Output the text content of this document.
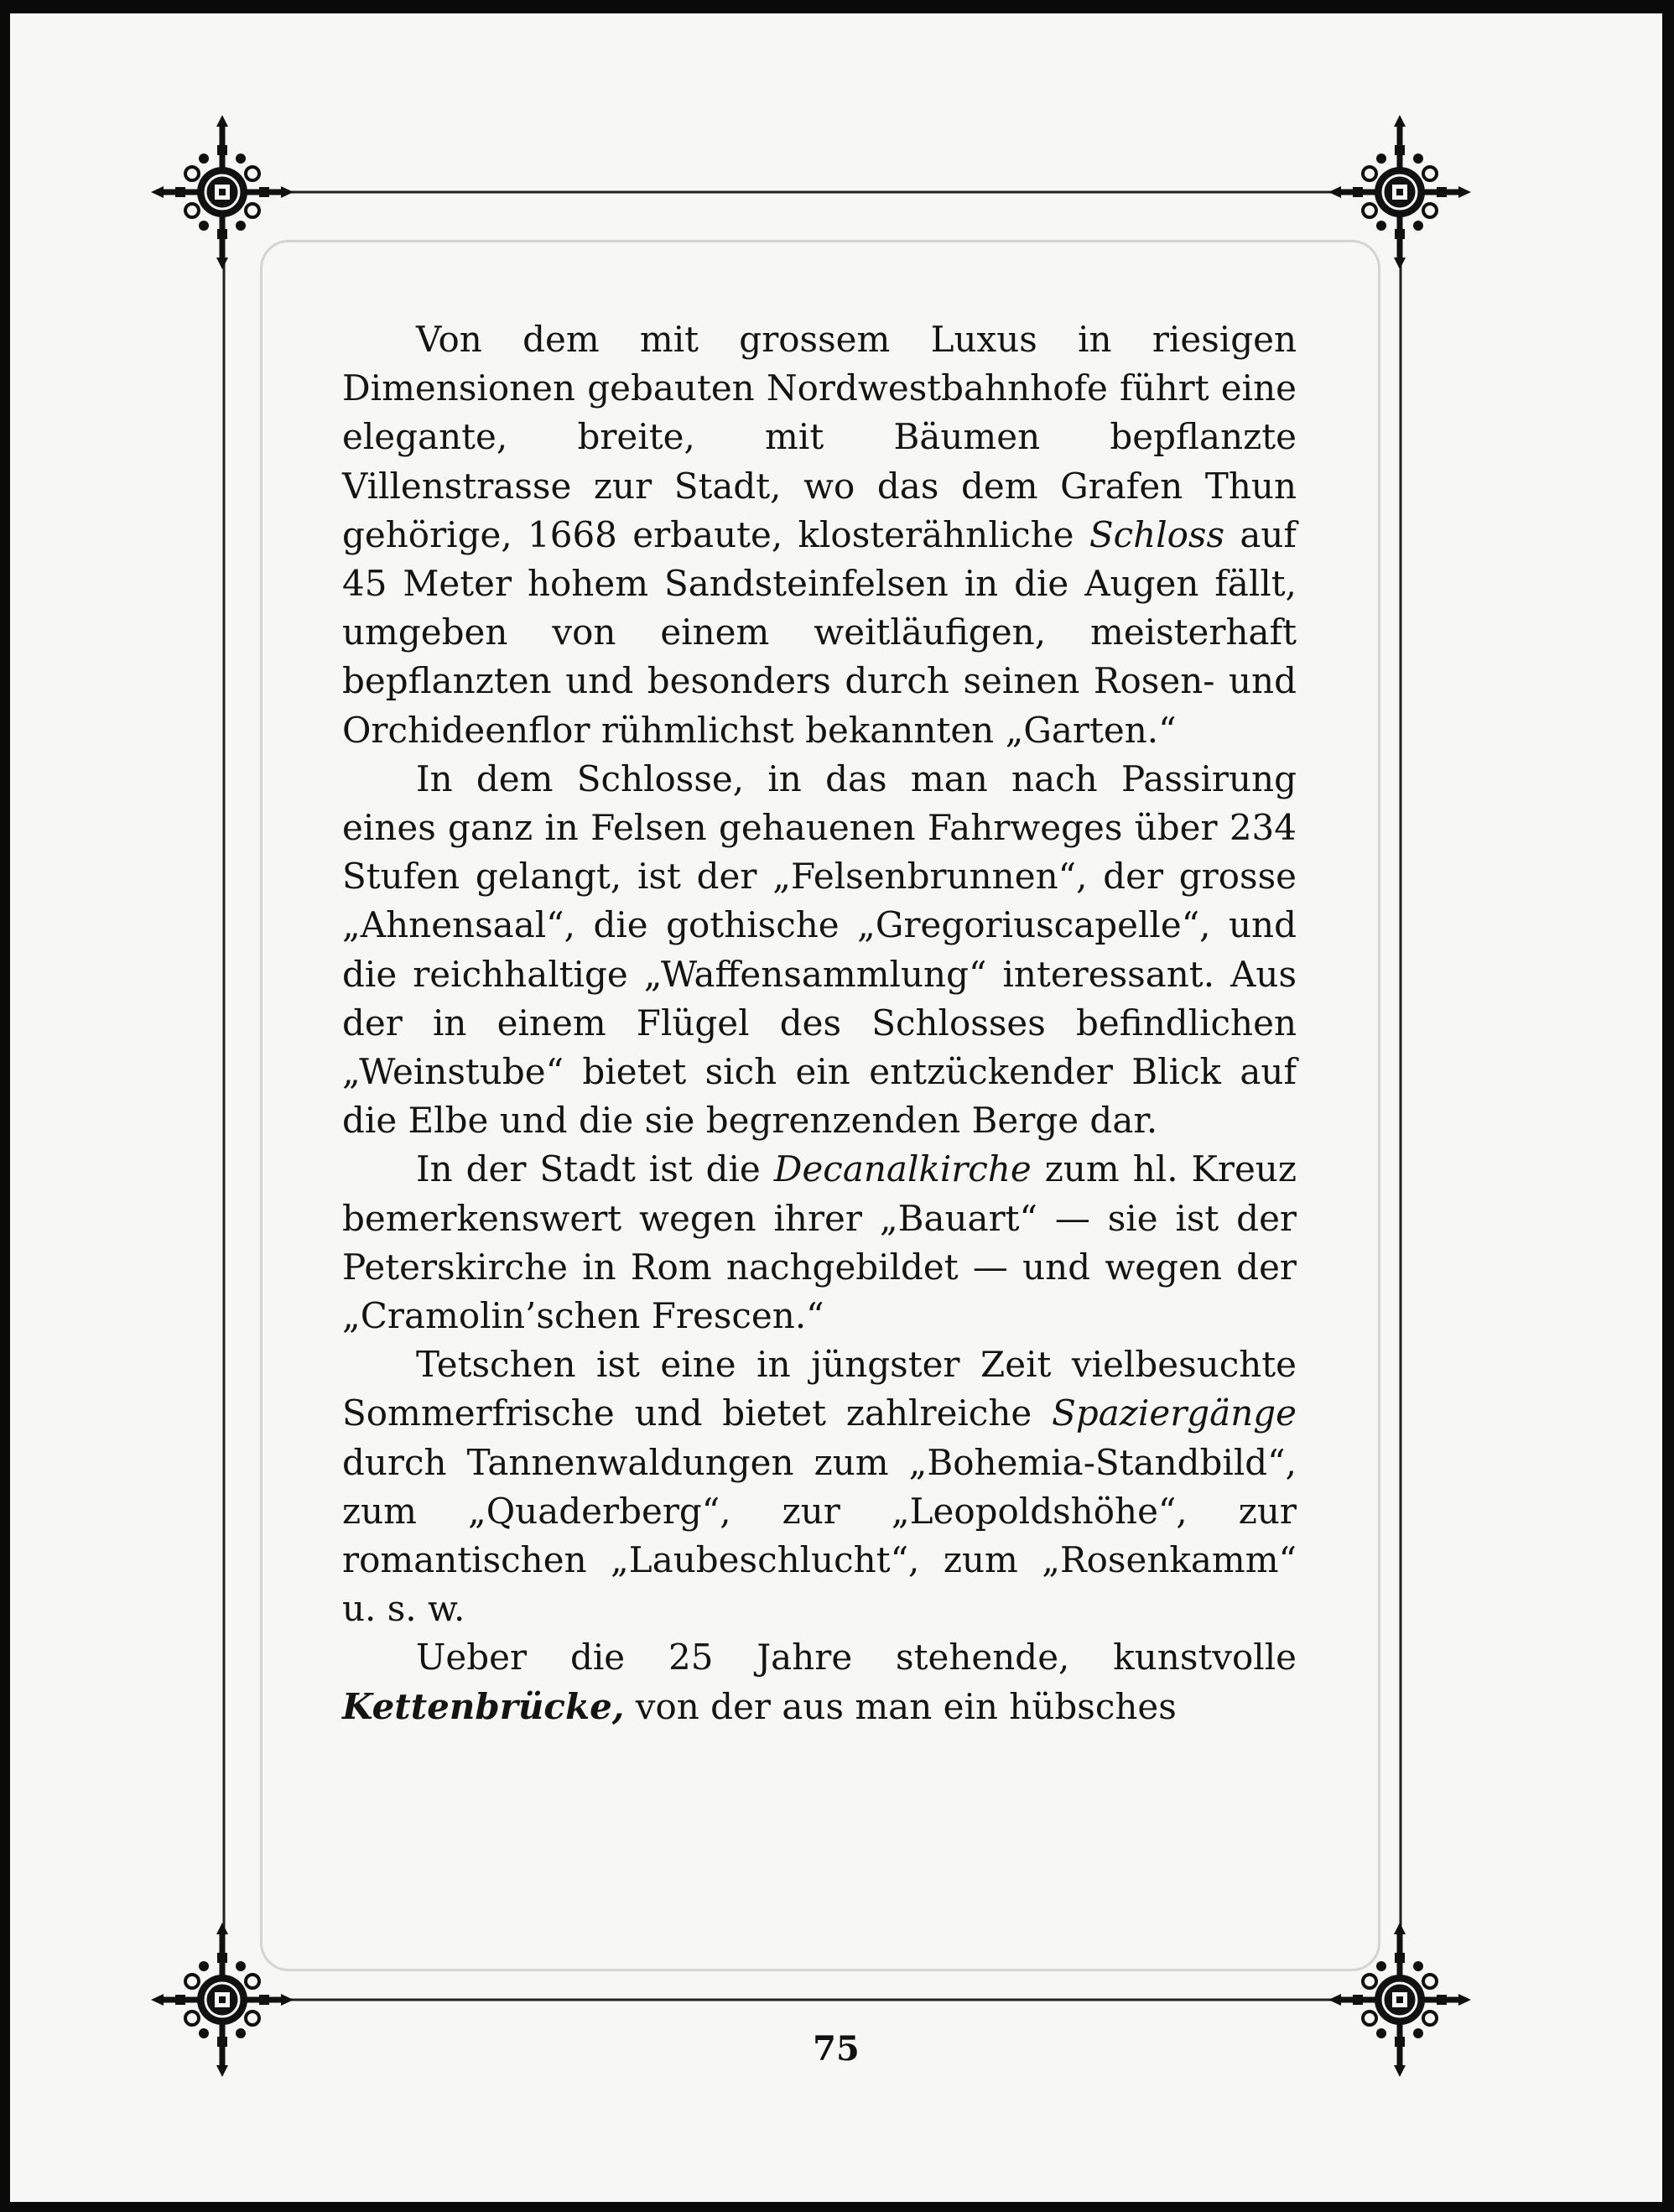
Von dem mit grossem Luxus in riesigen Dimensionen gebauten Nordwestbahnhofe führt eine elegante, breite, mit Bäumen bepflanzte Villenstrasse zur Stadt, wo das dem Grafen Thun gehörige, 1668 erbaute, klosterähnliche Schloss auf 45 Meter hohem Sandsteinfelsen in die Augen fällt, umgeben von einem weitläufigen, meisterhaft bepflanzten und besonders durch seinen Rosen- und Orchideenflor rühmlichst bekannten „Garten.“

In dem Schlosse, in das man nach Passirung eines ganz in Felsen gehauenen Fahrweges über 234 Stufen gelangt, ist der „Felsenbrunnen“, der grosse „Ahnensaal“, die gothische „Gregoriuscapelle“, und die reichhaltige „Waffensammlung“ interessant. Aus der in einem Flügel des Schlosses befindlichen „Weinstube“ bietet sich ein entzückender Blick auf die Elbe und die sie begrenzenden Berge dar.

In der Stadt ist die Decanalkirche zum hl. Kreuz bemerkenswert wegen ihrer „Bauart“ — sie ist der Peterskirche in Rom nachgebildet — und wegen der „Cramolin’schen Frescen.“

Tetschen ist eine in jüngster Zeit vielbesuchte Sommerfrische und bietet zahlreiche Spaziergänge durch Tannenwaldungen zum „Bohemia-Standbild“, zum „Quaderberg“, zur „Leopoldshöhe“, zur romantischen „Laubeschlucht“, zum „Rosenkamm“ u. s. w.

Ueber die 25 Jahre stehende, kunstvolle Kettenbrücke, von der aus man ein hübsches

75
